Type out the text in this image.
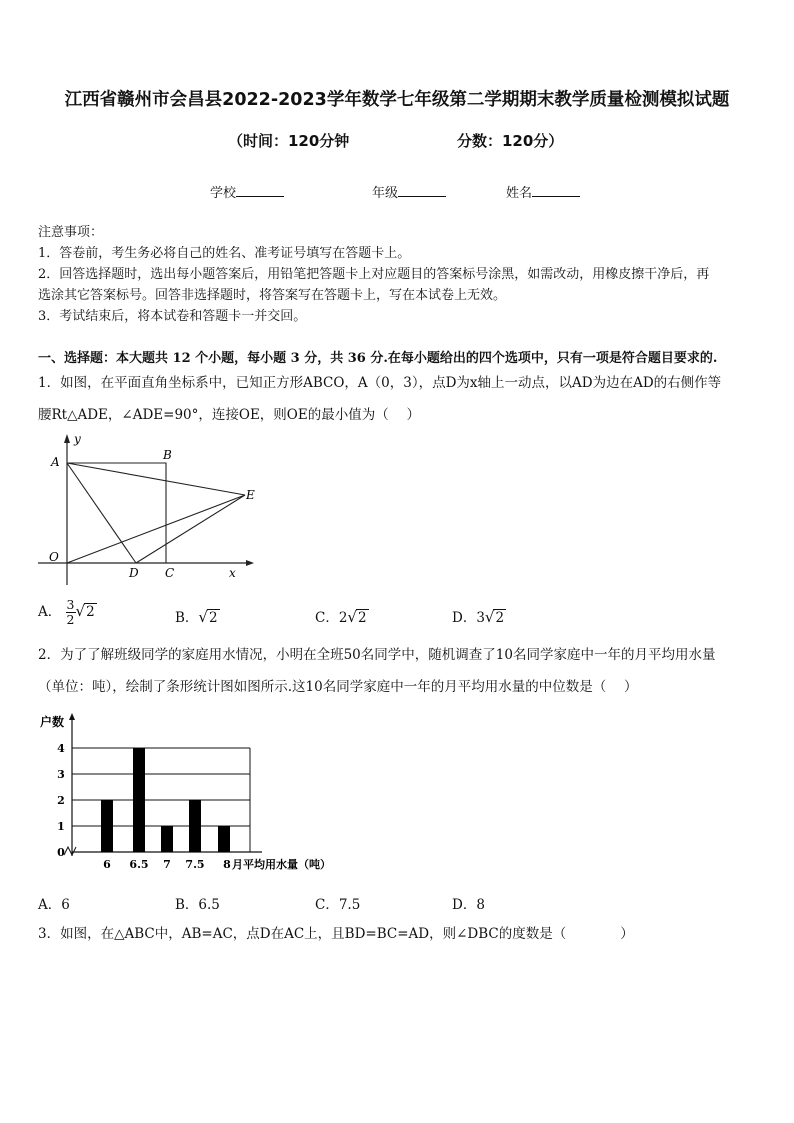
江西省赣州市会昌县2022-2023学年数学七年级第二学期期末教学质量检测模拟试题
（时间：120分钟	分数：120分）
学校	年级	姓名
注意事项：
1．答卷前，考生务必将自己的姓名、准考证号填写在答题卡上。
2．回答选择题时，选出每小题答案后，用铅笔把答题卡上对应题目的答案标号涂黑，如需改动，用橡皮擦干净后，再
选涂其它答案标号。回答非选择题时，将答案写在答题卡上，写在本试卷上无效。
3．考试结束后，将本试卷和答题卡一并交回。
一、选择题：本大题共 12 个小题，每小题 3 分，共 36 分.在每小题给出的四个选项中，只有一项是符合题目要求的.
1．如图，在平面直角坐标系中，已知正方形ABCO，A（0，3），点D为x轴上一动点，以AD为边在AD的右侧作等
腰Rt△ADE，∠ADE=90°，连接OE，则OE的最小值为（　 ）
y
x
A	B
O
D C
E
A． $\frac{3}{2} √2$	B．√2	C．2√2	D．3√2
2．为了了解班级同学的家庭用水情况，小明在全班50名同学中，随机调查了10名同学家庭中一年的月平均用水量
（单位：吨），绘制了条形统计图如图所示.这10名同学家庭中一年的月平均用水量的中位数是（　 ）
户数
0
1
2
3
4
6 6.5 7 7.5 8 月平均用水量（吨）
A．6	B．6.5	C．7.5	D．8
3．如图，在△ABC中，AB=AC，点D在AC上，且BD=BC=AD，则∠DBC的度数是（　　　　）
